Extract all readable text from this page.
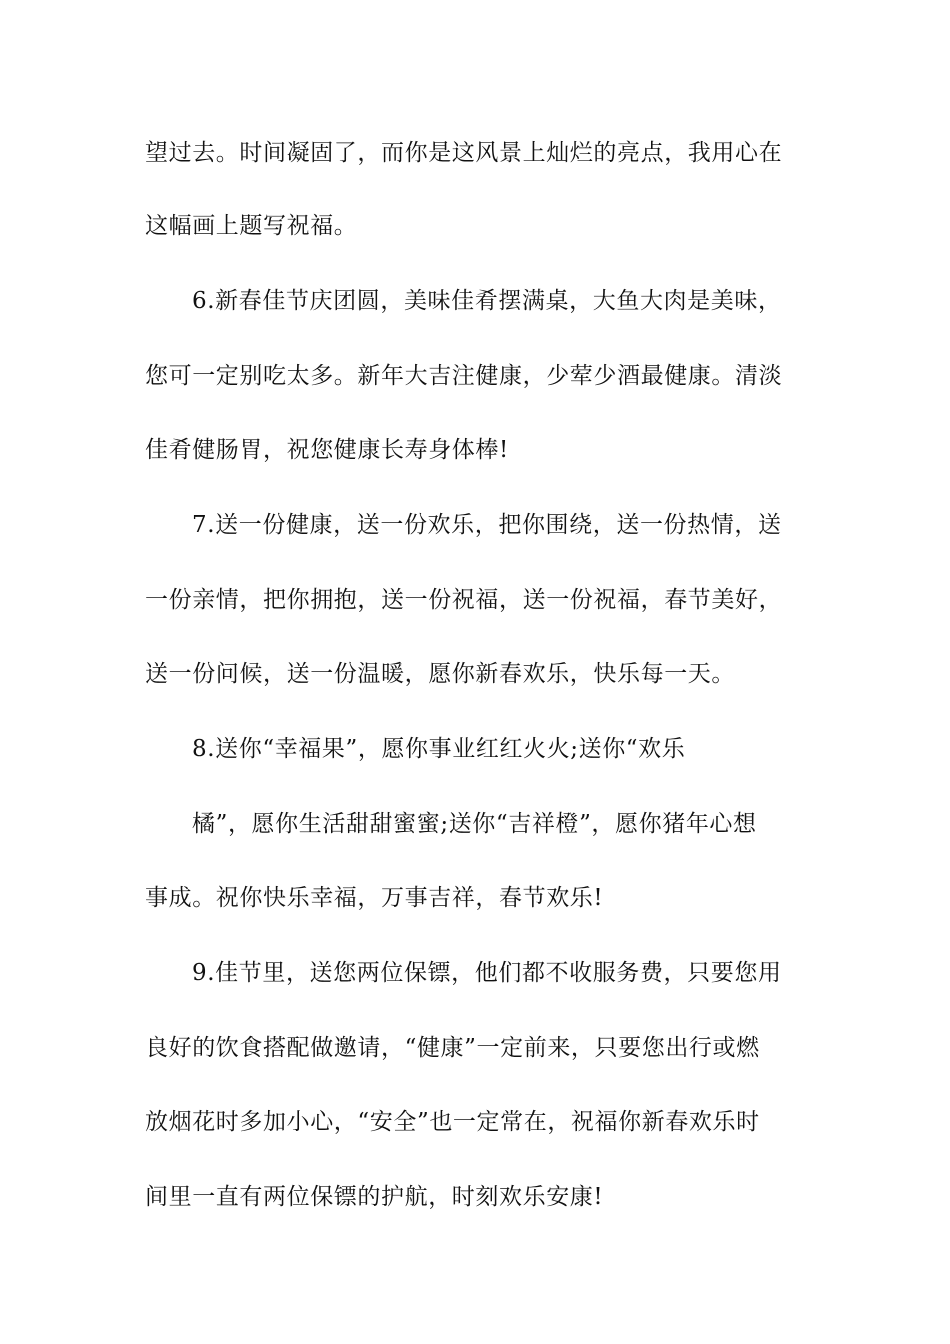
望过去。时间凝固了，而你是这风景上灿烂的亮点，我用心在
这幅画上题写祝福。
6.新春佳节庆团圆，美味佳肴摆满桌，大鱼大肉是美味，
您可一定别吃太多。新年大吉注健康，少荤少酒最健康。清淡
佳肴健肠胃，祝您健康长寿身体棒!
7.送一份健康，送一份欢乐，把你围绕，送一份热情，送
一份亲情，把你拥抱，送一份祝福，送一份祝福，春节美好，
送一份问候，送一份温暖，愿你新春欢乐，快乐每一天。
8.送你“幸福果”，愿你事业红红火火;送你“欢乐
橘”，愿你生活甜甜蜜蜜;送你“吉祥橙”，愿你猪年心想
事成。祝你快乐幸福，万事吉祥，春节欢乐!
9.佳节里，送您两位保镖，他们都不收服务费，只要您用
良好的饮食搭配做邀请，“健康”一定前来，只要您出行或燃
放烟花时多加小心，“安全”也一定常在，祝福你新春欢乐时
间里一直有两位保镖的护航，时刻欢乐安康!
